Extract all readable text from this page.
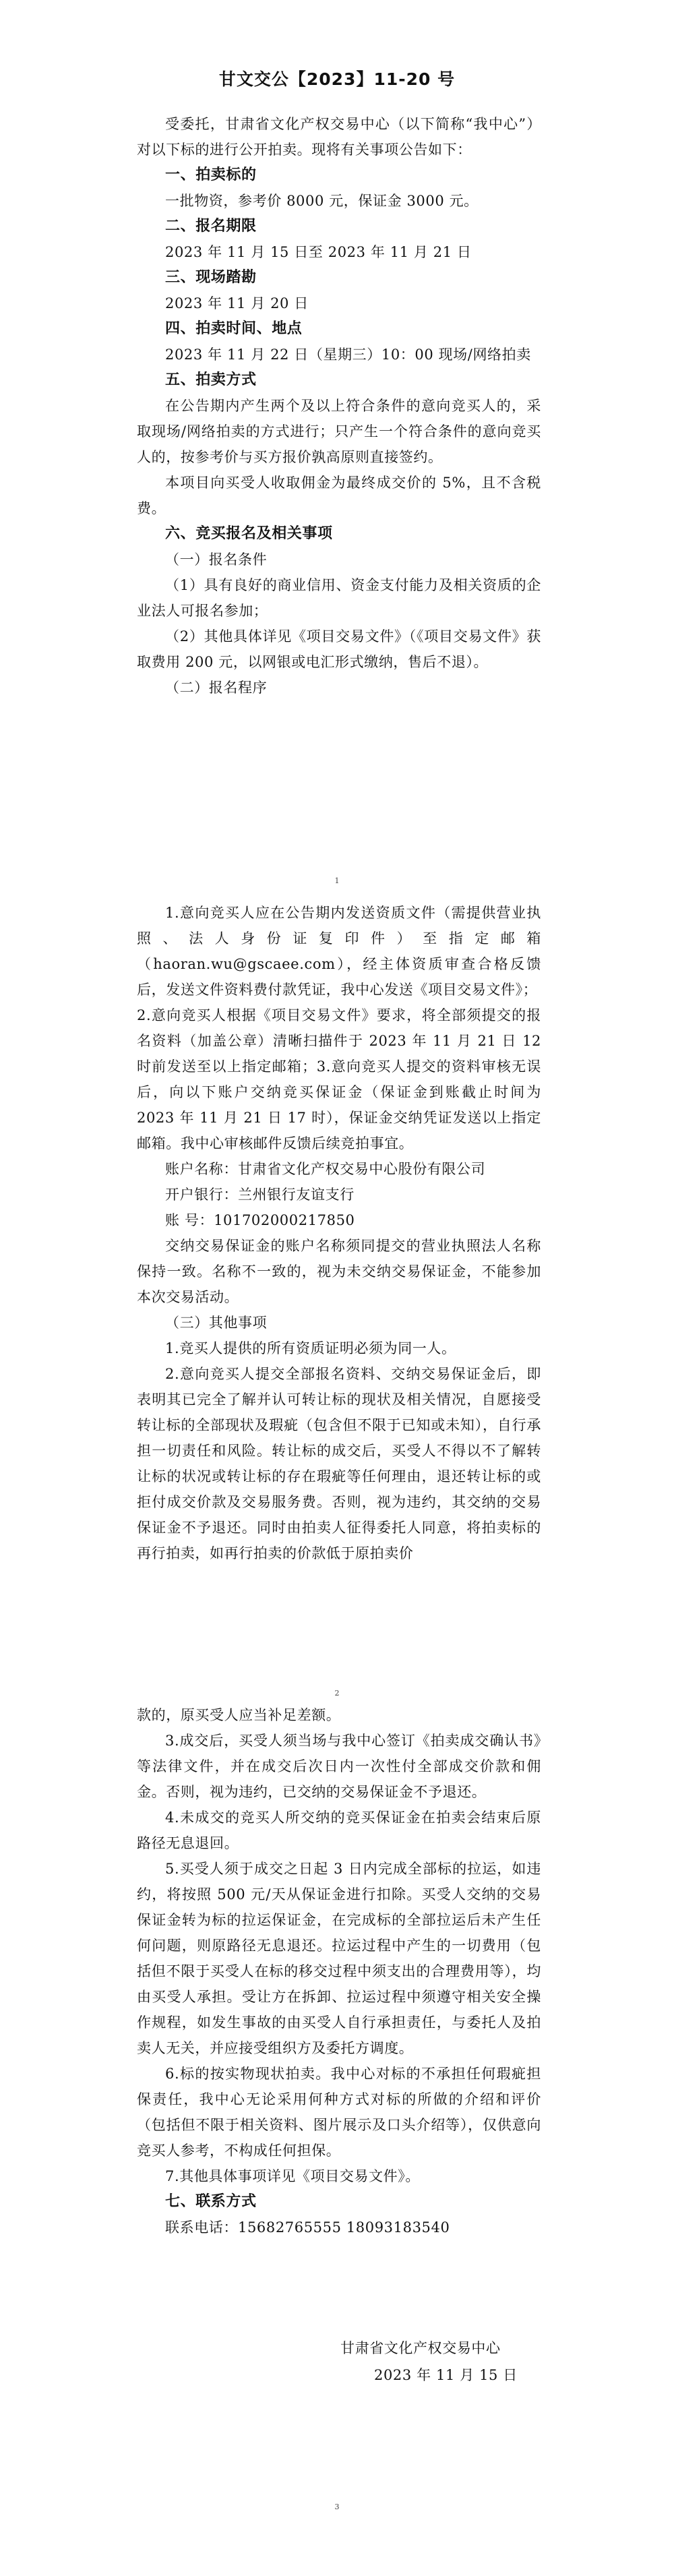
甘文交公【2023】11-20 号

受委托，甘肃省文化产权交易中心（以下简称“我中心”）对以下标的进行公开拍卖。现将有关事项公告如下：

一、拍卖标的

一批物资，参考价 8000 元，保证金 3000 元。

二、报名期限

2023 年 11 月 15 日至 2023 年 11 月 21 日

三、现场踏勘

2023 年 11 月 20 日

四、拍卖时间、地点

2023 年 11 月 22 日（星期三）10：00 现场/网络拍卖

五、拍卖方式

在公告期内产生两个及以上符合条件的意向竞买人的，采取现场/网络拍卖的方式进行；只产生一个符合条件的意向竞买人的，按参考价与买方报价孰高原则直接签约。

本项目向买受人收取佣金为最终成交价的 5%，且不含税费。

六、竞买报名及相关事项

（一）报名条件

（1）具有良好的商业信用、资金支付能力及相关资质的企业法人可报名参加；

（2）其他具体详见《项目交易文件》（《项目交易文件》获取费用 200 元，以网银或电汇形式缴纳，售后不退）。

（二）报名程序

1

1.意向竞买人应在公告期内发送资质文件（需提供营业执照、法人身份证复印件）至指定邮箱（haoran.wu@gscaee.com），经主体资质审查合格反馈后，发送文件资料费付款凭证，我中心发送《项目交易文件》；

2.意向竞买人根据《项目交易文件》要求，将全部须提交的报名资料（加盖公章）清晰扫描件于 2023 年 11 月 21 日 12 时前发送至以上指定邮箱；3.意向竞买人提交的资料审核无误后，向以下账户交纳竞买保证金（保证金到账截止时间为 2023 年 11 月 21 日 17 时），保证金交纳凭证发送以上指定邮箱。我中心审核邮件反馈后续竞拍事宜。

账户名称：甘肃省文化产权交易中心股份有限公司

开户银行：兰州银行友谊支行

账 号：101702000217850

交纳交易保证金的账户名称须同提交的营业执照法人名称保持一致。名称不一致的，视为未交纳交易保证金，不能参加本次交易活动。

（三）其他事项

1.竞买人提供的所有资质证明必须为同一人。

2.意向竞买人提交全部报名资料、交纳交易保证金后，即表明其已完全了解并认可转让标的现状及相关情况，自愿接受转让标的全部现状及瑕疵（包含但不限于已知或未知），自行承担一切责任和风险。转让标的成交后，买受人不得以不了解转让标的状况或转让标的存在瑕疵等任何理由，退还转让标的或拒付成交价款及交易服务费。否则，视为违约，其交纳的交易保证金不予退还。同时由拍卖人征得委托人同意，将拍卖标的再行拍卖，如再行拍卖的价款低于原拍卖价

2

款的，原买受人应当补足差额。

3.成交后，买受人须当场与我中心签订《拍卖成交确认书》等法律文件，并在成交后次日内一次性付全部成交价款和佣金。否则，视为违约，已交纳的交易保证金不予退还。

4.未成交的竞买人所交纳的竞买保证金在拍卖会结束后原路径无息退回。

5.买受人须于成交之日起 3 日内完成全部标的拉运，如违约，将按照 500 元/天从保证金进行扣除。买受人交纳的交易保证金转为标的拉运保证金，在完成标的全部拉运后未产生任何问题，则原路径无息退还。拉运过程中产生的一切费用（包括但不限于买受人在标的移交过程中须支出的合理费用等），均由买受人承担。受让方在拆卸、拉运过程中须遵守相关安全操作规程，如发生事故的由买受人自行承担责任，与委托人及拍卖人无关，并应接受组织方及委托方调度。

6.标的按实物现状拍卖。我中心对标的不承担任何瑕疵担保责任，我中心无论采用何种方式对标的所做的介绍和评价（包括但不限于相关资料、图片展示及口头介绍等），仅供意向竞买人参考，不构成任何担保。

7.其他具体事项详见《项目交易文件》。

七、联系方式

联系电话：15682765555 18093183540

甘肃省文化产权交易中心
2023 年 11 月 15 日
3
